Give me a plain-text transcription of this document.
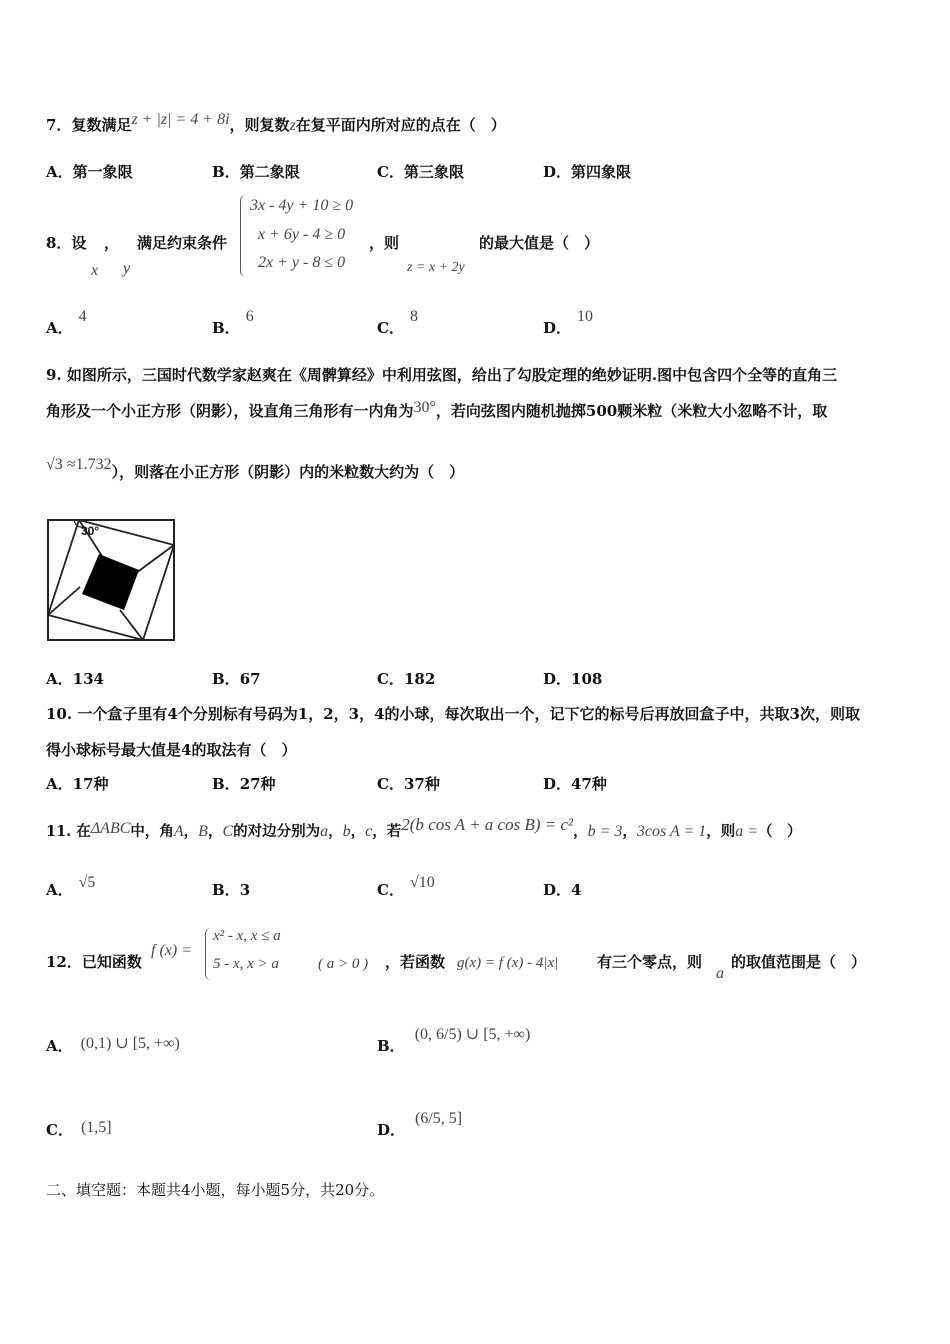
7．复数满足z + |z| = 4 + 8i，则复数z在复平面内所对应的点在（　）
A．第一象限	B．第二象限	C．第三象限	D．第四象限
8．设 ， 满足约束条件
x y
3x - 4y + 10 ≥ 0
x + 6y - 4 ≥ 0
2x + y - 8 ≤ 0
，则
z = x + 2y
的最大值是（　）
A．4
B．6
C．8
D．10
9. 如图所示，三国时代数学家赵爽在《周髀算经》中利用弦图，给出了勾股定理的绝妙证明.图中包含四个全等的直角三
角形及一个小正方形（阴影），设直角三角形有一内角为30°，若向弦图内随机抛掷500颗米粒（米粒大小忽略不计，取
√3 ≈1.732），则落在小正方形（阴影）内的米粒数大约为（　）
30°
A．134	B．67	C．182	D．108
10. 一个盒子里有4个分别标有号码为1，2，3，4的小球，每次取出一个，记下它的标号后再放回盒子中，共取3次，则取
得小球标号最大值是4的取法有（　）
A．17种	B．27种	C．37种	D．47种
11. 在ΔABC中，角A，B，C的对边分别为a，b，c，若2(b cos A + a cos B) = c²，b = 3，3cos A = 1，则a =（　）
A． √5	B．3	C． √10	D．4
12．已知函数
f (x) =
x² - x, x ≤ a
5 - x, x > a	( a > 0 ) ，若函数 g(x) = f (x) - 4|x|	有三个零点，则
a
的取值范围是（　）
A． (0,1) ∪ [5, +∞)	B．(0, 6/5) ∪ [5, +∞)
C． (1,5]	D．(6/5, 5]
二、填空题：本题共4小题，每小题5分，共20分。
